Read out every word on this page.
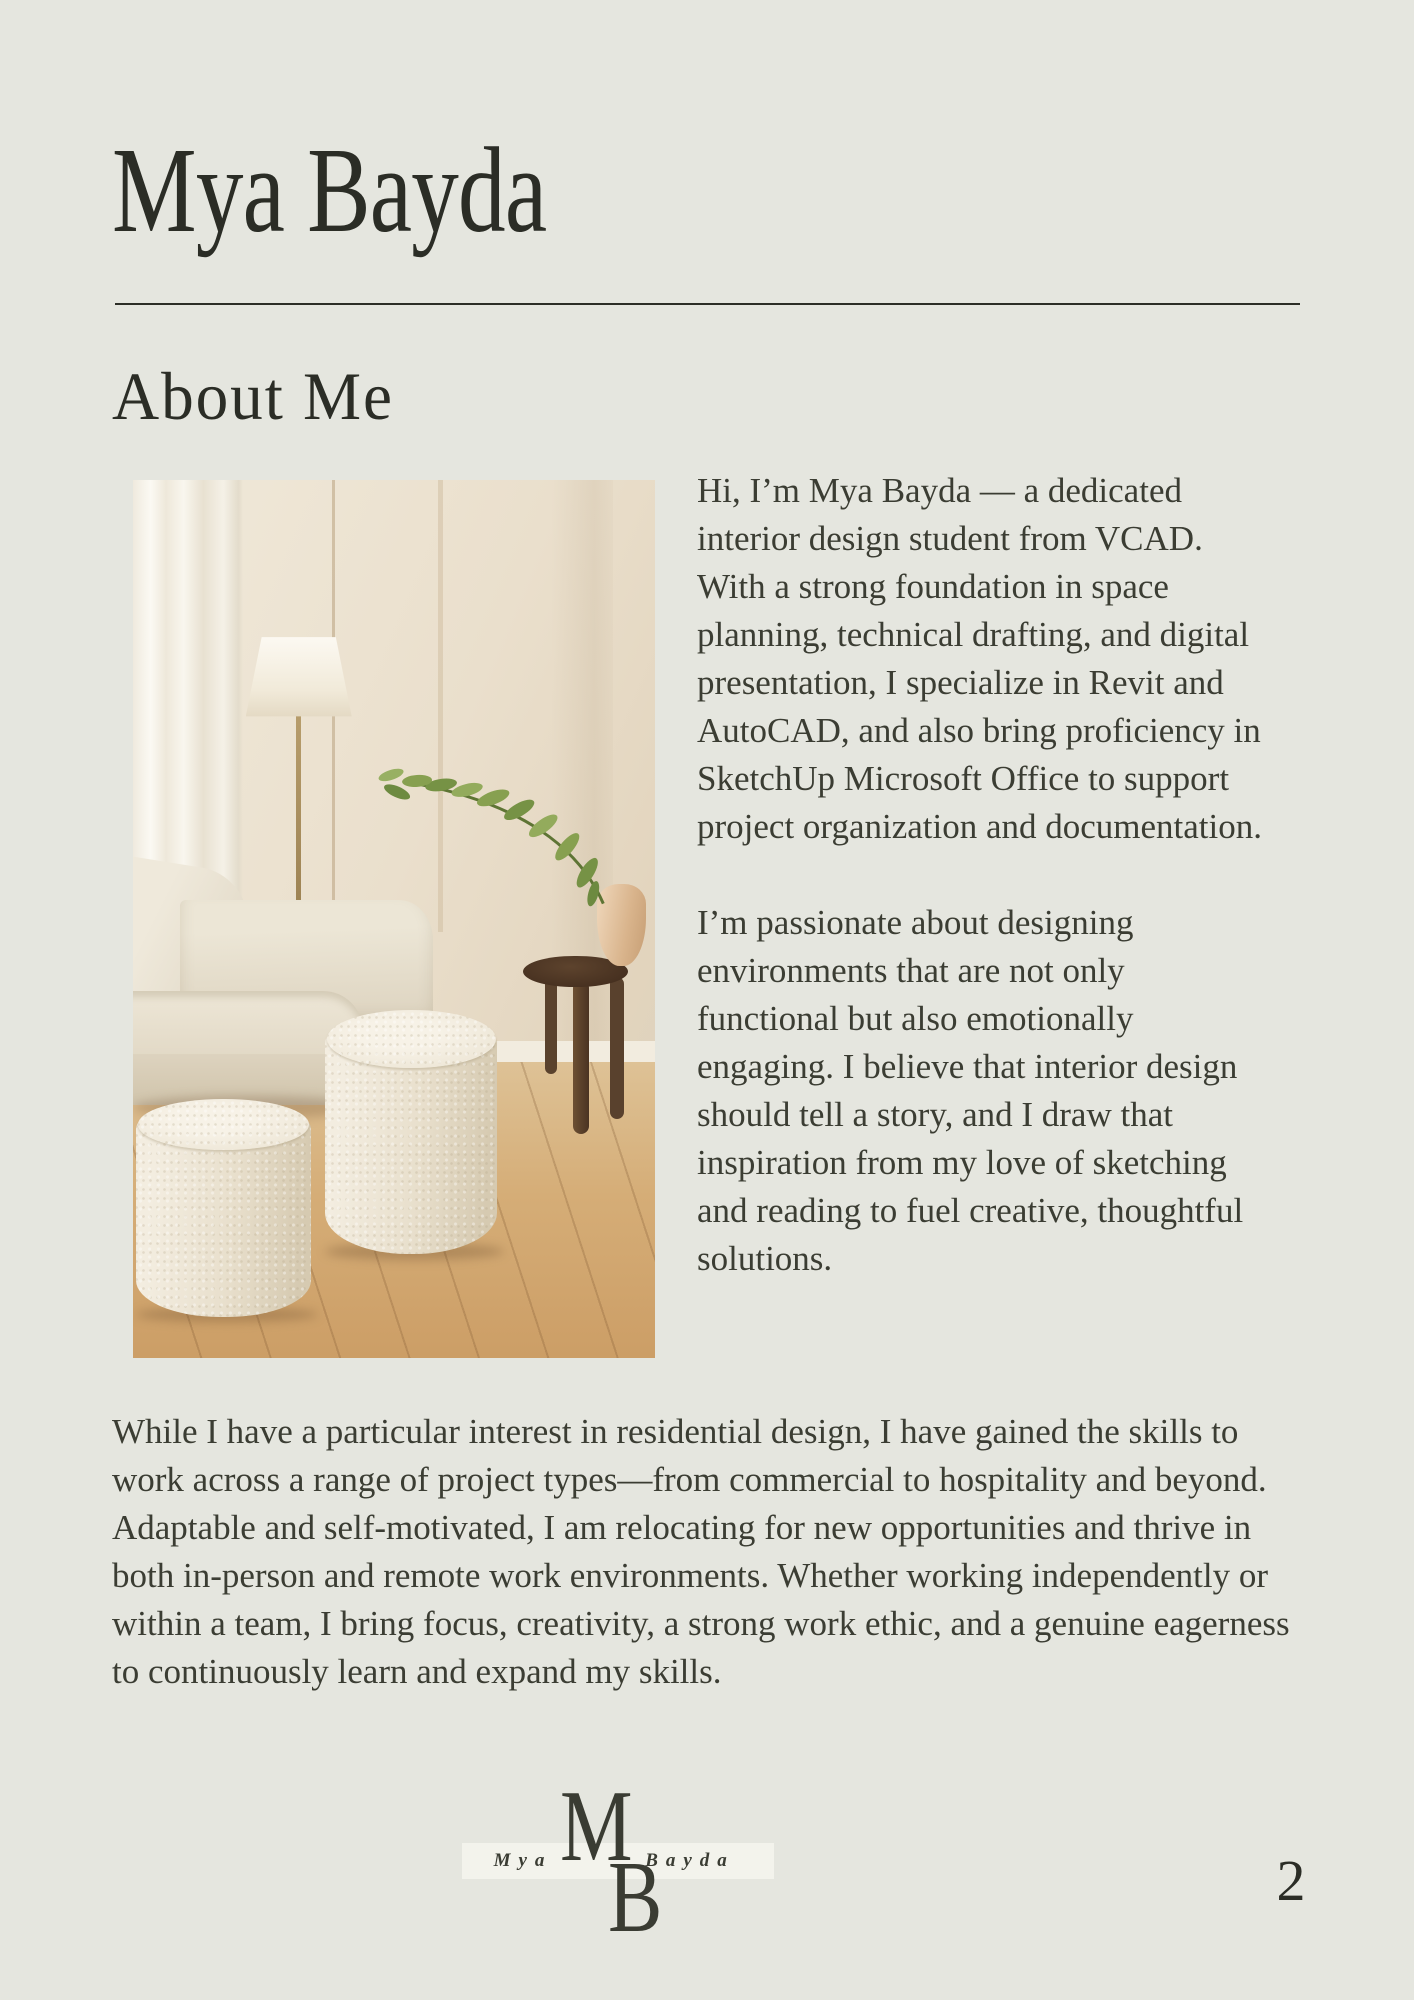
Mya Bayda
About Me

Hi, I’m Mya Bayda — a dedicated interior design student from VCAD. With a strong foundation in space planning, technical drafting, and digital presentation, I specialize in Revit and AutoCAD, and also bring proficiency in SketchUp Microsoft Office to support project organization and documentation.

I’m passionate about designing environments that are not only functional but also emotionally engaging. I believe that interior design should tell a story, and I draw that inspiration from my love of sketching and reading to fuel creative, thoughtful solutions.

While I have a particular interest in residential design, I have gained the skills to work across a range of project types—from commercial to hospitality and beyond. Adaptable and self-motivated, I am relocating for new opportunities and thrive in both in-person and remote work environments. Whether working independently or within a team, I bring focus, creativity, a strong work ethic, and a genuine eagerness to continuously learn and expand my skills.
Mya	Bayda
M
B	2
